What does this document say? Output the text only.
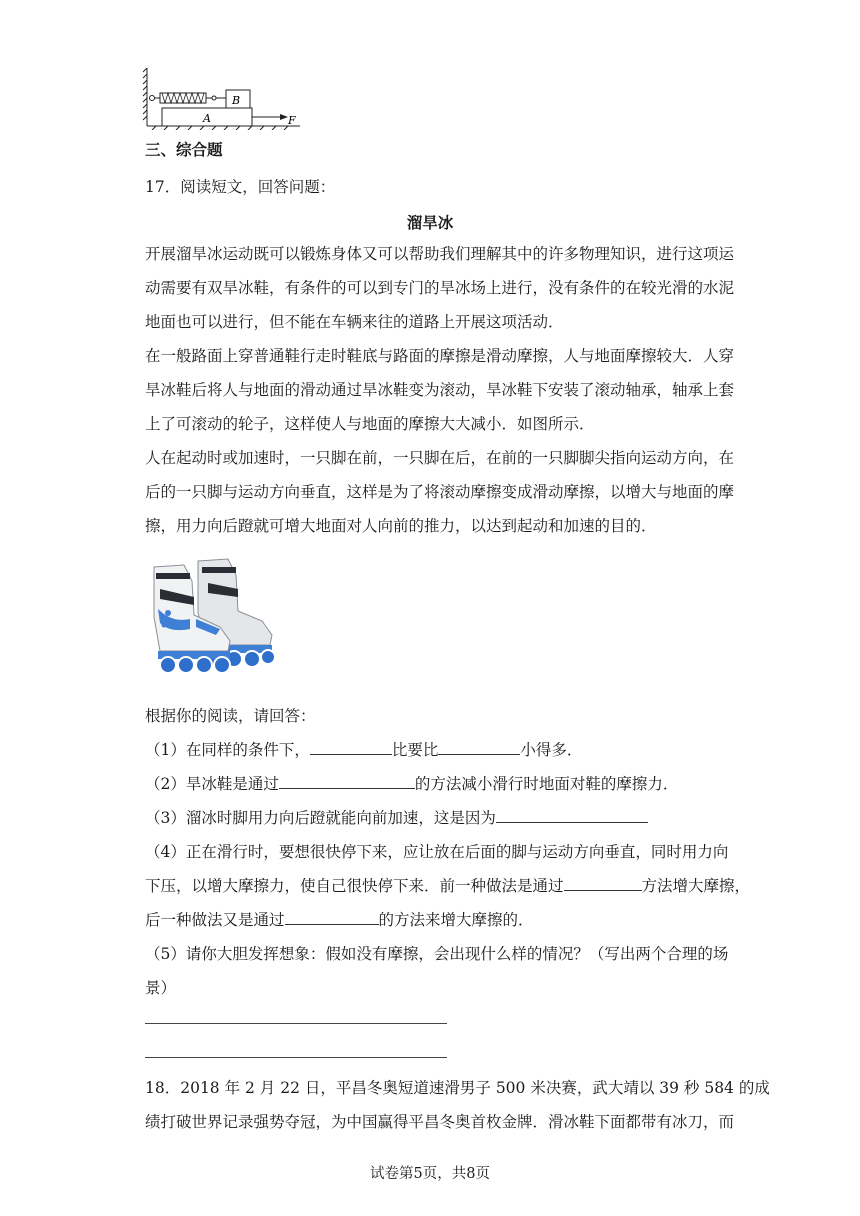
B
A	F
三、综合题
17．阅读短文，回答问题：
溜旱冰
开展溜旱冰运动既可以锻炼身体又可以帮助我们理解其中的许多物理知识，进行这项运
动需要有双旱冰鞋，有条件的可以到专门的旱冰场上进行，没有条件的在较光滑的水泥
地面也可以进行，但不能在车辆来往的道路上开展这项活动．
在一般路面上穿普通鞋行走时鞋底与路面的摩擦是滑动摩擦，人与地面摩擦较大．人穿
旱冰鞋后将人与地面的滑动通过旱冰鞋变为滚动，旱冰鞋下安装了滚动轴承，轴承上套
上了可滚动的轮子，这样使人与地面的摩擦大大减小．如图所示．
人在起动时或加速时，一只脚在前，一只脚在后，在前的一只脚脚尖指向运动方向，在
后的一只脚与运动方向垂直，这样是为了将滚动摩擦变成滑动摩擦，以增大与地面的摩
擦，用力向后蹬就可增大地面对人向前的推力，以达到起动和加速的目的．
根据你的阅读，请回答：
（1）在同样的条件下，	比要比	小得多．
（2）旱冰鞋是通过	的方法减小滑行时地面对鞋的摩擦力．
（3）溜冰时脚用力向后蹬就能向前加速，这是因为
（4）正在滑行时，要想很快停下来，应让放在后面的脚与运动方向垂直，同时用力向
下压，以增大摩擦力，使自己很快停下来．前一种做法是通过	方法增大摩擦，
后一种做法又是通过	的方法来增大摩擦的．
（5）请你大胆发挥想象：假如没有摩擦，会出现什么样的情况？（写出两个合理的场
景）
18．2018 年 2 月 22 日，平昌冬奥短道速滑男子 500 米决赛，武大靖以 39 秒 584 的成
绩打破世界记录强势夺冠，为中国赢得平昌冬奥首枚金牌．滑冰鞋下面都带有冰刀，而
试卷第5页，共8页
